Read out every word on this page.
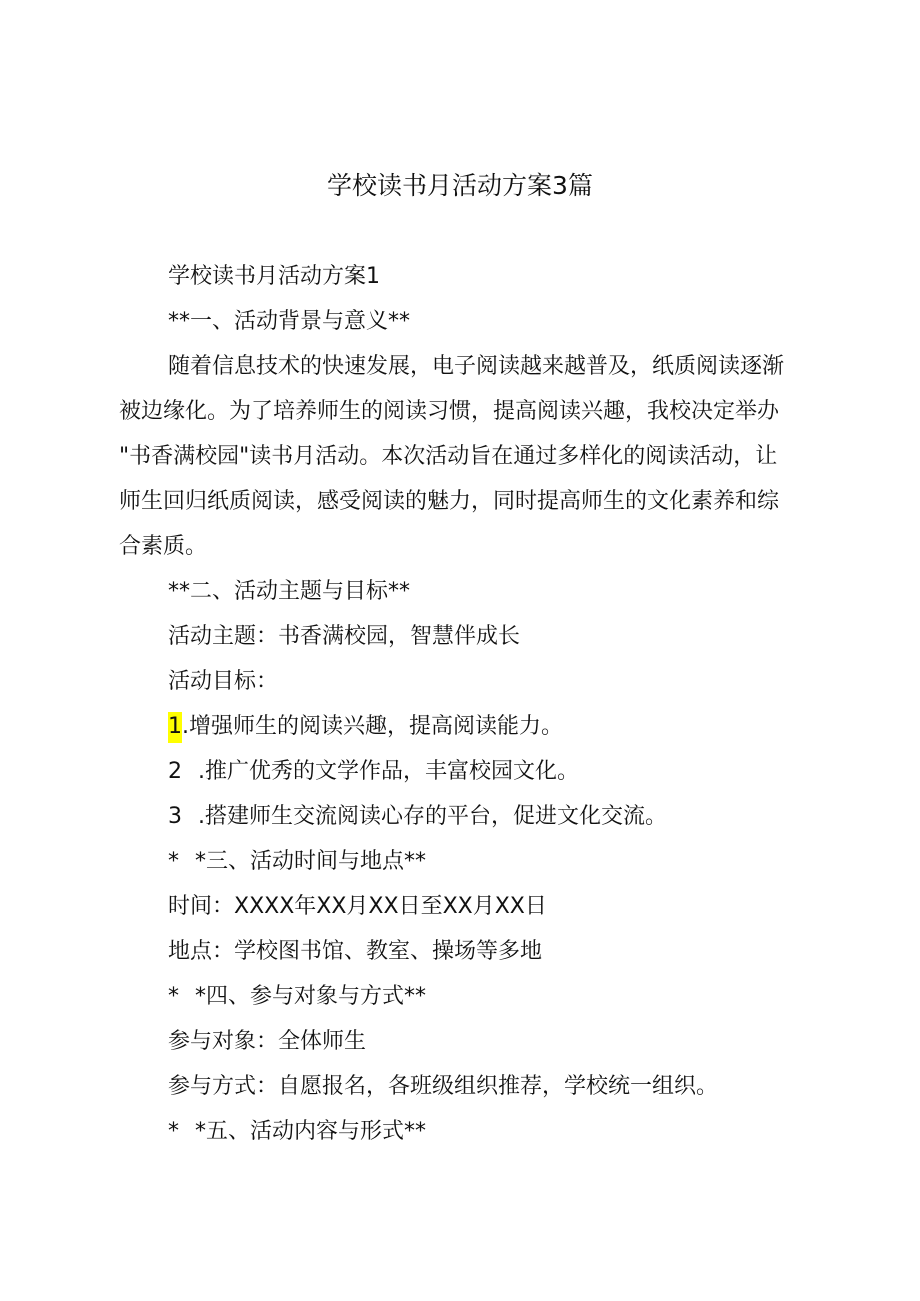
学校读书月活动方案3篇
学校读书月活动方案1
**一、活动背景与意义**
随着信息技术的快速发展，电子阅读越来越普及，纸质阅读逐渐
被边缘化。为了培养师生的阅读习惯，提高阅读兴趣，我校决定举办
"书香满校园"读书月活动。本次活动旨在通过多样化的阅读活动，让
师生回归纸质阅读，感受阅读的魅力，同时提高师生的文化素养和综
合素质。
**二、活动主题与目标**
活动主题：书香满校园，智慧伴成长
活动目标：
1.增强师生的阅读兴趣，提高阅读能力。
2 .推广优秀的文学作品，丰富校园文化。
3 .搭建师生交流阅读心存的平台，促进文化交流。
* *三、活动时间与地点**
时间：XXXX年XX月XX日至XX月XX日
地点：学校图书馆、教室、操场等多地
* *四、参与对象与方式**
参与对象：全体师生
参与方式：自愿报名，各班级组织推荐，学校统一组织。
* *五、活动内容与形式**
